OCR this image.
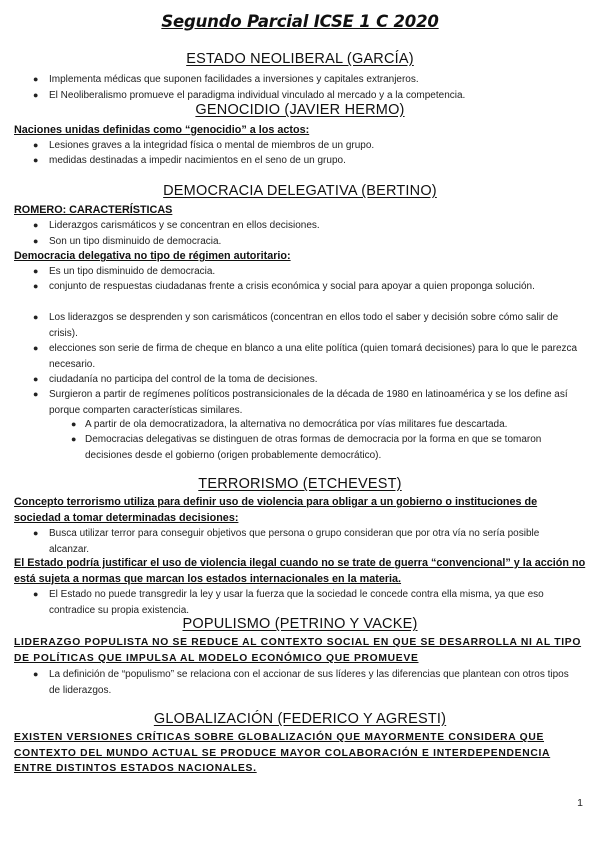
Segundo Parcial ICSE 1 C 2020
ESTADO NEOLIBERAL (GARCÍA)
● Implementa médicas que suponen facilidades a inversiones y capitales extranjeros.
● El Neoliberalismo promueve el paradigma individual vinculado al mercado y a la competencia.
GENOCIDIO (JAVIER HERMO)
Naciones unidas definidas como “genocidio” a los actos:
● Lesiones graves a la integridad física o mental de miembros de un grupo.
● medidas destinadas a impedir nacimientos en el seno de un grupo.
DEMOCRACIA DELEGATIVA (BERTINO)
ROMERO: CARACTERÍSTICAS
● Liderazgos carismáticos y se concentran en ellos decisiones.
● Son un tipo disminuido de democracia.
Democracia delegativa no tipo de régimen autoritario:
● Es un tipo disminuido de democracia.
● conjunto de respuestas ciudadanas frente a crisis económica y social para apoyar a quien proponga solución.
● Los liderazgos se desprenden y son carismáticos (concentran en ellos todo el saber y decisión sobre cómo salir de crisis).
● elecciones son serie de firma de cheque en blanco a una elite política (quien tomará decisiones) para lo que le parezca necesario.
● ciudadanía no participa del control de la toma de decisiones.
● Surgieron a partir de regímenes políticos postransicionales de la década de 1980 en latinoamérica y se los define así porque comparten características similares.
● A partir de ola democratizadora, la alternativa no democrática por vías militares fue descartada.
● Democracias delegativas se distinguen de otras formas de democracia por la forma en que se tomaron decisiones desde el gobierno (origen probablemente democrático).
TERRORISMO (ETCHEVEST)
Concepto terrorismo utiliza para definir uso de violencia para obligar a un gobierno o instituciones de sociedad a tomar determinadas decisiones:
● Busca utilizar terror para conseguir objetivos que persona o grupo consideran que por otra vía no sería posible alcanzar.
El Estado podría justificar el uso de violencia ilegal cuando no se trate de guerra “convencional” y la acción no está sujeta a normas que marcan los estados internacionales en la materia.
● El Estado no puede transgredir la ley y usar la fuerza que la sociedad le concede contra ella misma, ya que eso contradice su propia existencia.
POPULISMO (PETRINO Y VACKE)
LIDERAZGO POPULISTA NO SE REDUCE AL CONTEXTO SOCIAL EN QUE SE DESARROLLA NI AL TIPO DE POLÍTICAS QUE IMPULSA AL MODELO ECONÓMICO QUE PROMUEVE
● La definición de “populismo” se relaciona con el accionar de sus líderes y las diferencias que plantean con otros tipos de liderazgos.
GLOBALIZACIÓN (FEDERICO Y AGRESTI)
EXISTEN VERSIONES CRÍTICAS SOBRE GLOBALIZACIÓN QUE MAYORMENTE CONSIDERA QUE CONTEXTO DEL MUNDO ACTUAL SE PRODUCE MAYOR COLABORACIÓN E INTERDEPENDENCIA ENTRE DISTINTOS ESTADOS NACIONALES.
1
